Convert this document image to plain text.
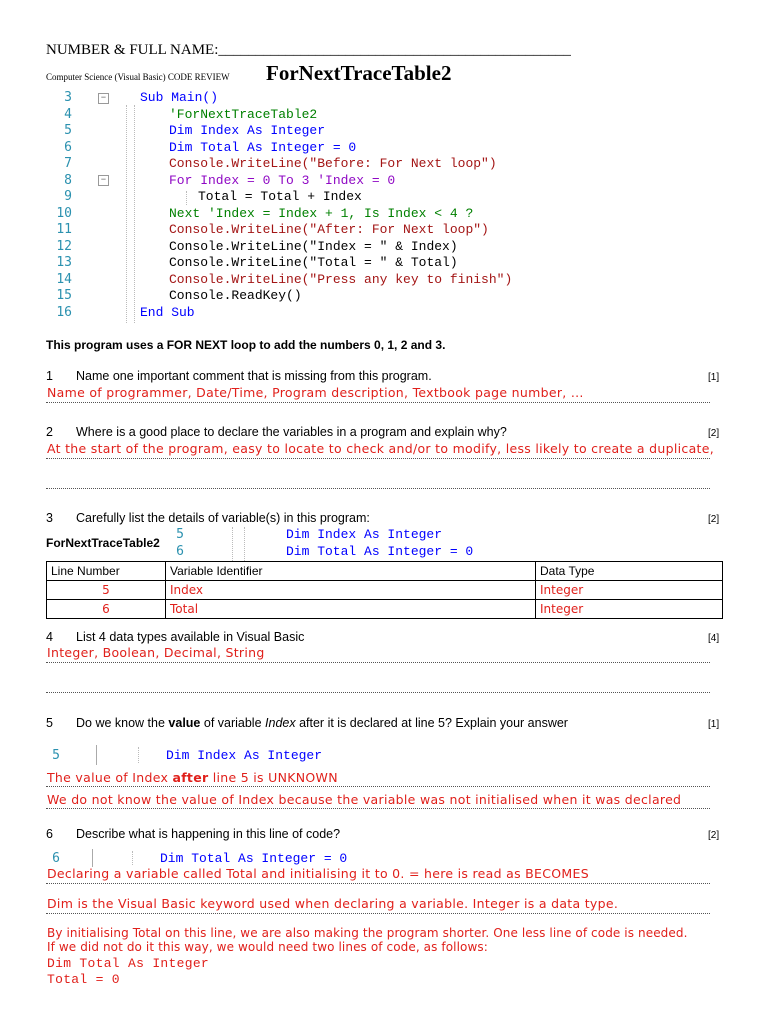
NUMBER & FULL NAME:_______________________________________________
Computer Science (Visual Basic) CODE REVIEW ForNextTraceTable2
−
−
3	Sub Main()
4	'ForNextTraceTable2
5	Dim Index As Integer
6	Dim Total As Integer = 0
7	Console.WriteLine("Before: For Next loop")
8	For Index = 0 To 3 'Index = 0
9	Total = Total + Index
10	Next 'Index = Index + 1, Is Index < 4 ?
11	Console.WriteLine("After: For Next loop")
12	Console.WriteLine("Index = " & Index)
13	Console.WriteLine("Total = " & Total)
14	Console.WriteLine("Press any key to finish")
15	Console.ReadKey()
16	End Sub
This program uses a FOR NEXT loop to add the numbers 0, 1, 2 and 3.
1 Name one important comment that is missing from this program.	[1]
Name of programmer, Date/Time, Program description, Textbook page number, ...
2 Where is a good place to declare the variables in a program and explain why?	[2]
At the start of the program, easy to locate to check and/or to modify, less likely to create a duplicate,
3 Carefully list the details of variable(s) in this program:	[2]
ForNextTraceTable2
5	Dim Index As Integer
6	Dim Total As Integer = 0
Line Number	Variable Identifier	Data Type
5	Index	Integer
6	Total	Integer
4 List 4 data types available in Visual Basic	[4]
Integer, Boolean, Decimal, String
5 Do we know the value of variable Index after it is declared at line 5? Explain your answer	[1]
5	Dim Index As Integer
The value of Index after line 5 is UNKNOWN
We do not know the value of Index because the variable was not initialised when it was declared
6 Describe what is happening in this line of code?	[2]
6	Dim Total As Integer = 0
Declaring a variable called Total and initialising it to 0. = here is read as BECOMES
Dim is the Visual Basic keyword used when declaring a variable. Integer is a data type.
By initialising Total on this line, we are also making the program shorter. One less line of code is needed.
If we did not do it this way, we would need two lines of code, as follows:
Dim Total As Integer
Total = 0
